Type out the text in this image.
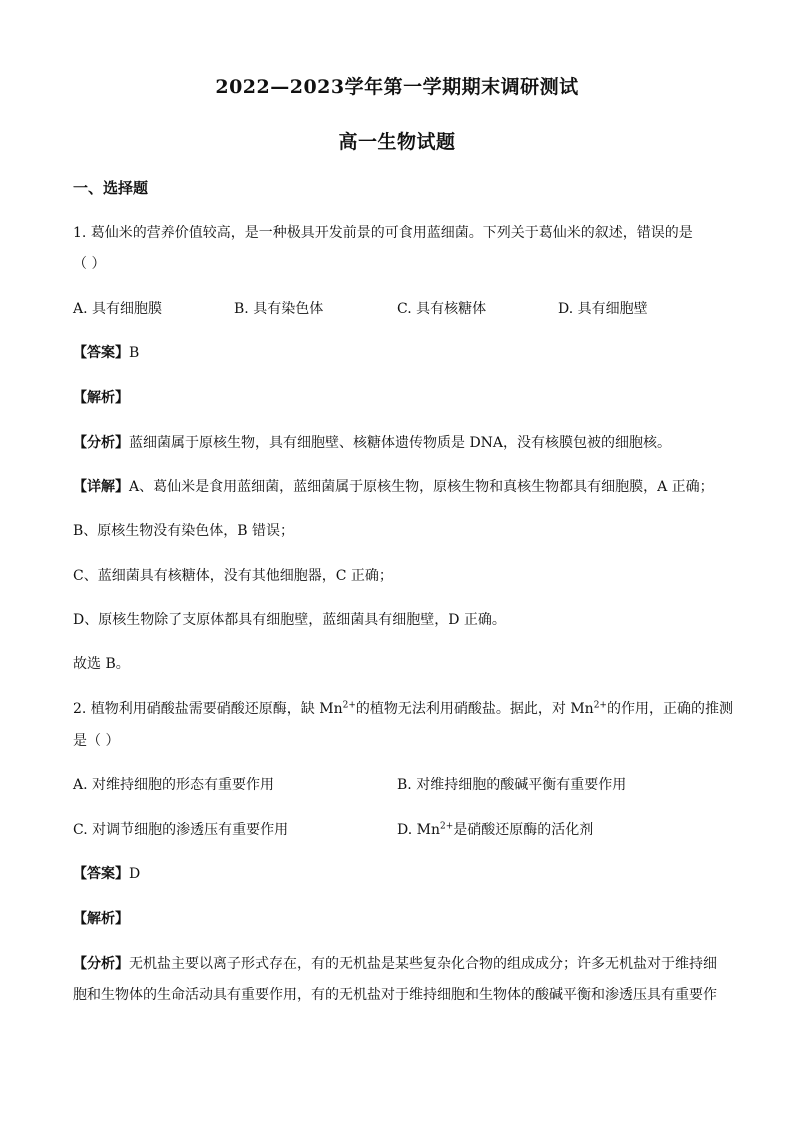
2022—2023学年第一学期期末调研测试
高一生物试题
一、选择题
1. 葛仙米的营养价值较高，是一种极具开发前景的可食用蓝细菌。下列关于葛仙米的叙述，错误的是
（ ）
A. 具有细胞膜	B. 具有染色体	C. 具有核糖体	D. 具有细胞壁
【答案】B
【解析】
【分析】蓝细菌属于原核生物，具有细胞壁、核糖体遗传物质是 DNA，没有核膜包被的细胞核。
【详解】A、葛仙米是食用蓝细菌，蓝细菌属于原核生物，原核生物和真核生物都具有细胞膜，A 正确；
B、原核生物没有染色体，B 错误；
C、蓝细菌具有核糖体，没有其他细胞器，C 正确；
D、原核生物除了支原体都具有细胞壁，蓝细菌具有细胞壁，D 正确。
故选 B。
2. 植物利用硝酸盐需要硝酸还原酶，缺 $Mn^{2+}$的植物无法利用硝酸盐。据此，对 $Mn^{2+}$的作用，正确的推测
是（ ）
A. 对维持细胞的形态有重要作用	B. 对维持细胞的酸碱平衡有重要作用
C. 对调节细胞的渗透压有重要作用	D. $Mn^{2+}$是硝酸还原酶的活化剂
【答案】D
【解析】
【分析】无机盐主要以离子形式存在，有的无机盐是某些复杂化合物的组成成分；许多无机盐对于维持细
胞和生物体的生命活动具有重要作用，有的无机盐对于维持细胞和生物体的酸碱平衡和渗透压具有重要作
